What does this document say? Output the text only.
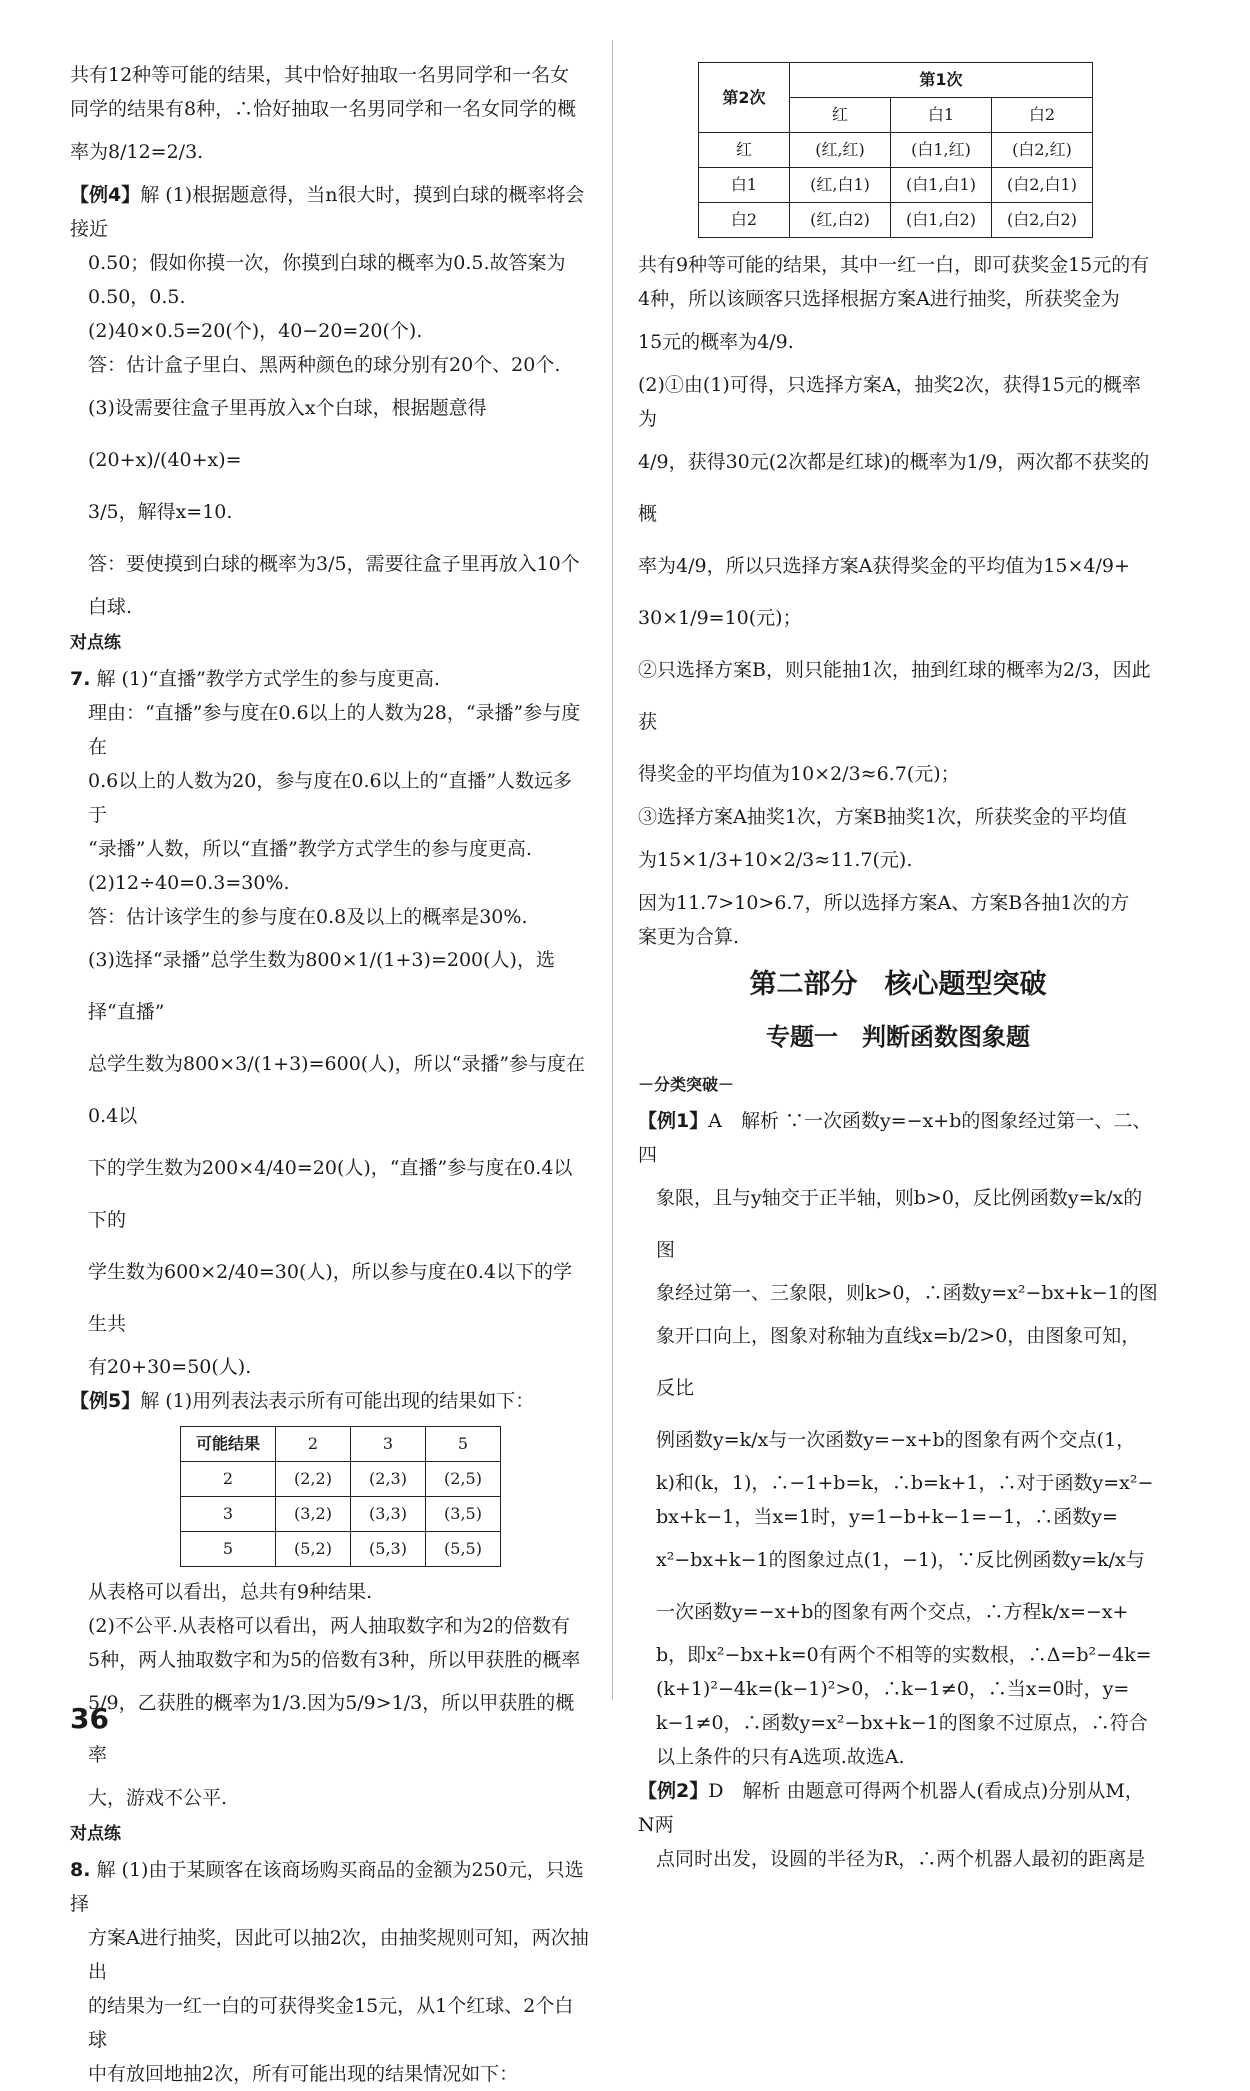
共有12种等可能的结果，其中恰好抽取一名男同学和一名女

同学的结果有8种，∴恰好抽取一名男同学和一名女同学的概

率为8/12=2/3.

【例4】解 (1)根据题意得，当n很大时，摸到白球的概率将会接近

0.50；假如你摸一次，你摸到白球的概率为0.5.故答案为

0.50，0.5.

(2)40×0.5=20(个)，40−20=20(个).

答：估计盒子里白、黑两种颜色的球分别有20个、20个.

(3)设需要往盒子里再放入x个白球，根据题意得(20+x)/(40+x)=

3/5，解得x=10.

答：要使摸到白球的概率为3/5，需要往盒子里再放入10个

白球.

对点练

7. 解 (1)“直播”教学方式学生的参与度更高.

理由：“直播”参与度在0.6以上的人数为28，“录播”参与度在

0.6以上的人数为20，参与度在0.6以上的“直播”人数远多于

“录播”人数，所以“直播”教学方式学生的参与度更高.

(2)12÷40=0.3=30%.

答：估计该学生的参与度在0.8及以上的概率是30%.

(3)选择“录播”总学生数为800×1/(1+3)=200(人)，选择“直播”

总学生数为800×3/(1+3)=600(人)，所以“录播”参与度在0.4以

下的学生数为200×4/40=20(人)，“直播”参与度在0.4以下的

学生数为600×2/40=30(人)，所以参与度在0.4以下的学生共

有20+30=50(人).

【例5】解 (1)用列表法表示所有可能出现的结果如下：

可能结果	2	3	5
2	(2,2)	(2,3)	(2,5)
3	(3,2)	(3,3)	(3,5)
5	(5,2)	(5,3)	(5,5)

从表格可以看出，总共有9种结果.

(2)不公平.从表格可以看出，两人抽取数字和为2的倍数有

5种，两人抽取数字和为5的倍数有3种，所以甲获胜的概率

5/9，乙获胜的概率为1/3.因为5/9>1/3，所以甲获胜的概率

大，游戏不公平.

对点练

8. 解 (1)由于某顾客在该商场购买商品的金额为250元，只选择

方案A进行抽奖，因此可以抽2次，由抽奖规则可知，两次抽出

的结果为一红一白的可获得奖金15元，从1个红球、2个白球

中有放回地抽2次，所有可能出现的结果情况如下：

第2次	第1次		
	红	白1	白2
红	(红,红)	(白1,红)	(白2,红)
白1	(红,白1)	(白1,白1)	(白2,白1)
白2	(红,白2)	(白1,白2)	(白2,白2)

共有9种等可能的结果，其中一红一白，即可获奖金15元的有

4种，所以该顾客只选择根据方案A进行抽奖，所获奖金为

15元的概率为4/9.

(2)①由(1)可得，只选择方案A，抽奖2次，获得15元的概率为

4/9，获得30元(2次都是红球)的概率为1/9，两次都不获奖的概

率为4/9，所以只选择方案A获得奖金的平均值为15×4/9+

30×1/9=10(元)；

②只选择方案B，则只能抽1次，抽到红球的概率为2/3，因此获

得奖金的平均值为10×2/3≈6.7(元)；

③选择方案A抽奖1次，方案B抽奖1次，所获奖金的平均值

为15×1/3+10×2/3≈11.7(元).

因为11.7>10>6.7，所以选择方案A、方案B各抽1次的方

案更为合算.

第二部分　核心题型突破
专题一　判断函数图象题
－分类突破－

【例1】A　解析 ∵一次函数y=−x+b的图象经过第一、二、四

象限，且与y轴交于正半轴，则b>0，反比例函数y=k/x的图

象经过第一、三象限，则k>0，∴函数y=x²−bx+k−1的图

象开口向上，图象对称轴为直线x=b/2>0，由图象可知，反比

例函数y=k/x与一次函数y=−x+b的图象有两个交点(1，

k)和(k，1)，∴−1+b=k，∴b=k+1，∴对于函数y=x²−

bx+k−1，当x=1时，y=1−b+k−1=−1，∴函数y=

x²−bx+k−1的图象过点(1，−1)，∵反比例函数y=k/x与

一次函数y=−x+b的图象有两个交点，∴方程k/x=−x+

b，即x²−bx+k=0有两个不相等的实数根，∴Δ=b²−4k=

(k+1)²−4k=(k−1)²>0，∴k−1≠0，∴当x=0时，y=

k−1≠0，∴函数y=x²−bx+k−1的图象不过原点，∴符合

以上条件的只有A选项.故选A.

【例2】D　解析 由题意可得两个机器人(看成点)分别从M，N两

点同时出发，设圆的半径为R，∴两个机器人最初的距离是

36
